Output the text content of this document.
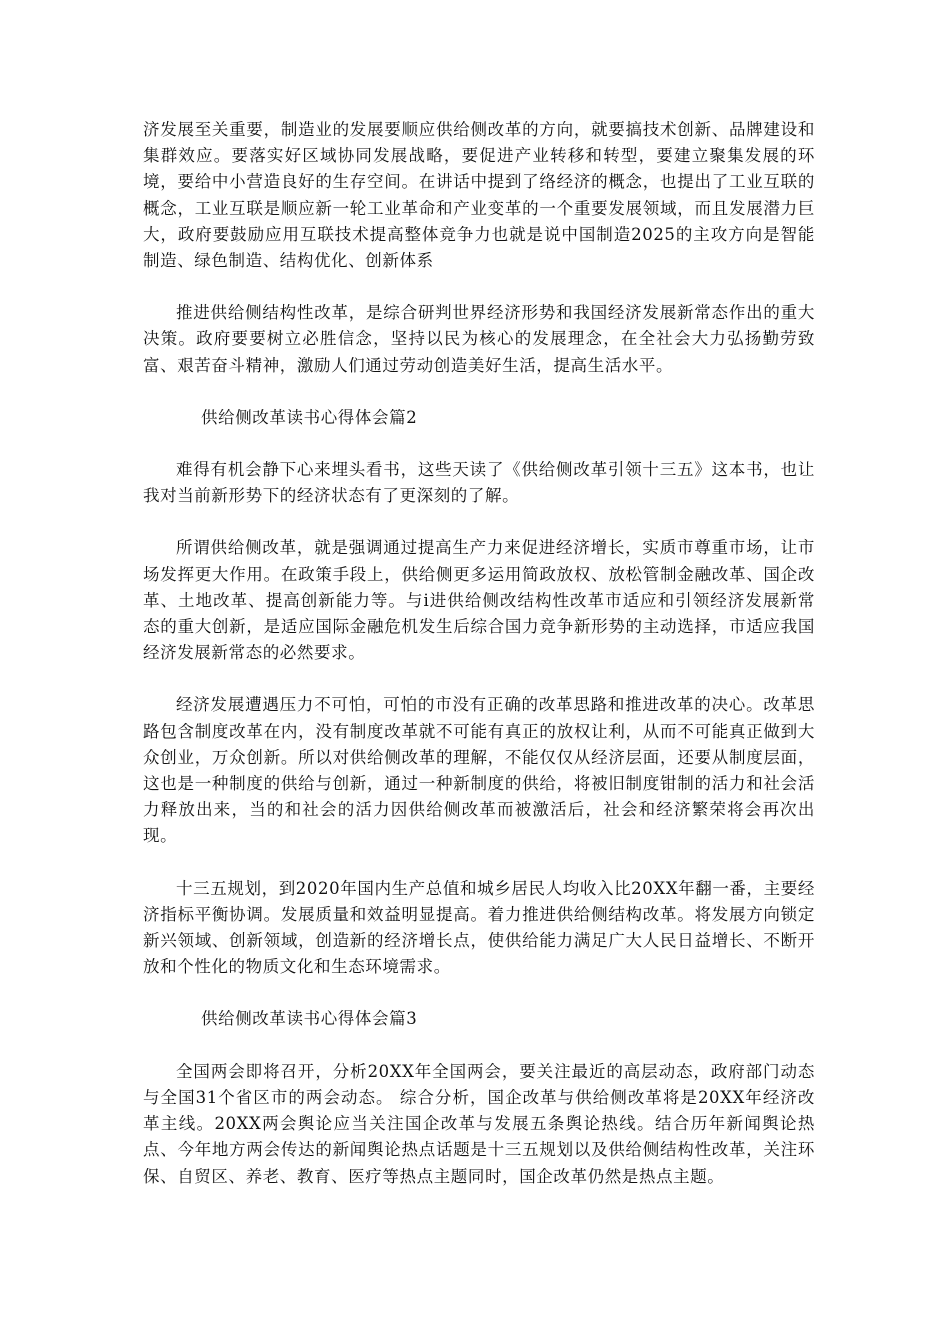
济发展至关重要，制造业的发展要顺应供给侧改革的方向，就要搞技术创新、品牌建设和集群效应。要落实好区域协同发展战略，要促进产业转移和转型，要建立聚集发展的环境，要给中小营造良好的生存空间。在讲话中提到了络经济的概念，也提出了工业互联的概念，工业互联是顺应新一轮工业革命和产业变革的一个重要发展领域，而且发展潜力巨大，政府要鼓励应用互联技术提高整体竞争力也就是说中国制造2025的主攻方向是智能制造、绿色制造、结构优化、创新体系

推进供给侧结构性改革，是综合研判世界经济形势和我国经济发展新常态作出的重大决策。政府要要树立必胜信念，坚持以民为核心的发展理念，在全社会大力弘扬勤劳致富、艰苦奋斗精神，激励人们通过劳动创造美好生活，提高生活水平。

供给侧改革读书心得体会篇2

难得有机会静下心来埋头看书，这些天读了《供给侧改革引领十三五》这本书，也让我对当前新形势下的经济状态有了更深刻的了解。

所谓供给侧改革，就是强调通过提高生产力来促进经济增长，实质市尊重市场，让市场发挥更大作用。在政策手段上，供给侧更多运用简政放权、放松管制金融改革、国企改革、土地改革、提高创新能力等。与i进供给侧改结构性改革市适应和引领经济发展新常态的重大创新，是适应国际金融危机发生后综合国力竞争新形势的主动选择，市适应我国经济发展新常态的必然要求。

经济发展遭遇压力不可怕，可怕的市没有正确的改革思路和推进改革的决心。改革思路包含制度改革在内，没有制度改革就不可能有真正的放权让利，从而不可能真正做到大众创业，万众创新。所以对供给侧改革的理解，不能仅仅从经济层面，还要从制度层面，这也是一种制度的供给与创新，通过一种新制度的供给，将被旧制度钳制的活力和社会活力释放出来，当的和社会的活力因供给侧改革而被激活后，社会和经济繁荣将会再次出现。

十三五规划，到2020年国内生产总值和城乡居民人均收入比20XX年翻一番，主要经济指标平衡协调。发展质量和效益明显提高。着力推进供给侧结构改革。将发展方向锁定新兴领域、创新领域，创造新的经济增长点，使供给能力满足广大人民日益增长、不断开放和个性化的物质文化和生态环境需求。

供给侧改革读书心得体会篇3

全国两会即将召开，分析20XX年全国两会，要关注最近的高层动态，政府部门动态与全国31个省区市的两会动态。 综合分析，国企改革与供给侧改革将是20XX年经济改革主线。20XX两会舆论应当关注国企改革与发展五条舆论热线。结合历年新闻舆论热点、今年地方两会传达的新闻舆论热点话题是十三五规划以及供给侧结构性改革，关注环保、自贸区、养老、教育、医疗等热点主题同时，国企改革仍然是热点主题。
